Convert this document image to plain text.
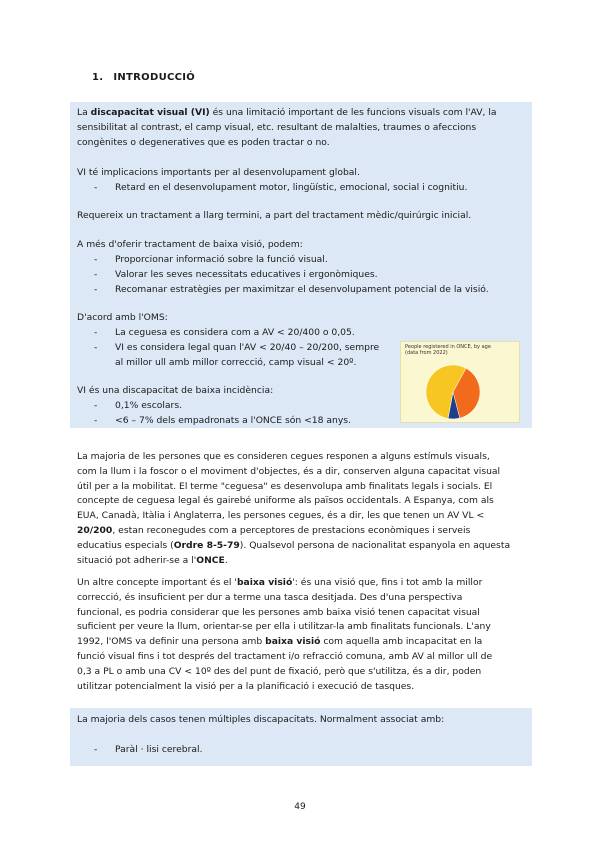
1. INTRODUCCIÓ
La discapacitat visual (VI) és una limitació important de les funcions visuals com l'AV, la
sensibilitat al contrast, el camp visual, etc. resultant de malalties, traumes o afeccions
congènites o degeneratives que es poden tractar o no.
VI té implicacions importants per al desenvolupament global.
- Retard en el desenvolupament motor, lingüístic, emocional, social i cognitiu.
Requereix un tractament a llarg termini, a part del tractament mèdic/quirúrgic inicial.
A més d'oferir tractament de baixa visió, podem:
- Proporcionar informació sobre la funció visual.
- Valorar les seves necessitats educatives i ergonòmiques.
- Recomanar estratègies per maximitzar el desenvolupament potencial de la visió.
D'acord amb l'OMS:
- La ceguesa es considera com a AV < 20/400 o 0,05.
- VI es considera legal quan l'AV < 20/40 – 20/200, sempre
al millor ull amb millor correcció, camp visual < 20º.
VI és una discapacitat de baixa incidència:
- 0,1% escolars.
- <6 – 7% dels empadronats a l'ONCE són <18 anys.
People registered in ONCE, by age
(data from 2022)
La majoria de les persones que es consideren cegues responen a alguns estímuls visuals,
com la llum i la foscor o el moviment d'objectes, és a dir, conserven alguna capacitat visual
útil per a la mobilitat. El terme "ceguesa" es desenvolupa amb finalitats legals i socials. El
concepte de ceguesa legal és gairebé uniforme als països occidentals. A Espanya, com als
EUA, Canadà, Itàlia i Anglaterra, les persones cegues, és a dir, les que tenen un AV VL <
20/200, estan reconegudes com a perceptores de prestacions econòmiques i serveis
educatius especials (Ordre 8-5-79). Qualsevol persona de nacionalitat espanyola en aquesta
situació pot adherir-se a l'ONCE.
Un altre concepte important és el 'baixa visió': és una visió que, fins i tot amb la millor
correcció, és insuficient per dur a terme una tasca desitjada. Des d'una perspectiva
funcional, es podria considerar que les persones amb baixa visió tenen capacitat visual
suficient per veure la llum, orientar-se per ella i utilitzar-la amb finalitats funcionals. L'any
1992, l'OMS va definir una persona amb baixa visió com aquella amb incapacitat en la
funció visual fins i tot després del tractament i/o refracció comuna, amb AV al millor ull de
0,3 a PL o amb una CV < 10º des del punt de fixació, però que s'utilitza, és a dir, poden
utilitzar potencialment la visió per a la planificació i execució de tasques.
La majoria dels casos tenen múltiples discapacitats. Normalment associat amb:
- Paràl · lisi cerebral.
49
